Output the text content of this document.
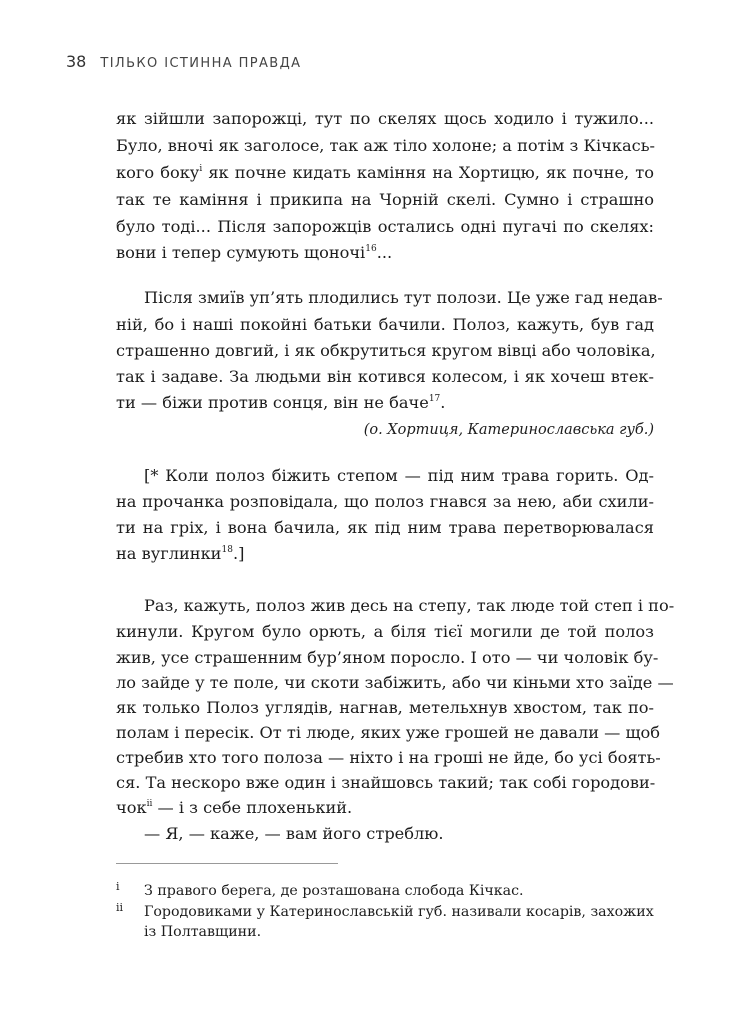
38 ТІЛЬКО ІСТИННА ПРАВДА
як зійшли запорожці, тут по скелях щось ходило і тужило...
Було, вночі як заголосе, так аж тіло холоне; а потім з Кічкась-
кого боку$^i$ як почне кидать каміння на Хортицю, як почне, то
так те каміння і прикипа на Чорній скелі. Сумно і страшно
було тоді... Після запорожців остались одні пугачі по скелях:
вони і тепер сумують щоночі$^{16}$...
Після змиїв уп’ять плодились тут полози. Це уже гад недав-
ній, бо і наші покойні батьки бачили. Полоз, кажуть, був гад
страшенно довгий, і як обкрутиться кругом вівці або чоловіка,
так і задаве. За людьми він котився колесом, і як хочеш втек-
ти — біжи против сонця, він не баче$^{17}$.
(о. Хортиця, Катеринославська губ.)
[* Коли полоз біжить степом — під ним трава горить. Од-
на прочанка розповідала, що полоз гнався за нею, аби схили-
ти на гріх, і вона бачила, як під ним трава перетворювалася
на вуглинки$^{18}$.]
Раз, кажуть, полоз жив десь на степу, так люде той степ і по-
кинули. Кругом було орють, а біля тієї могили де той полоз
жив, усе страшенним бур’яном поросло. І ото — чи чоловік бу-
ло зайде у те поле, чи скоти забіжить, або чи кіньми хто заїде —
як только Полоз углядів, нагнав, метельхнув хвостом, так по-
полам і пересік. От ті люде, яких уже грошей не давали — щоб
стребив хто того полоза — ніхто і на гроші не йде, бо усі боять-
ся. Та нескоро вже один і знайшовсь такий; так собі городови-
чок$^{ii}$ — і з себе плохенький.
— Я, — каже, — вам його стреблю.
i З правого берега, де розташована слобода Кічкас.
ii Городовиками у Катеринославській губ. називали косарів, захожих
із Полтавщини.
